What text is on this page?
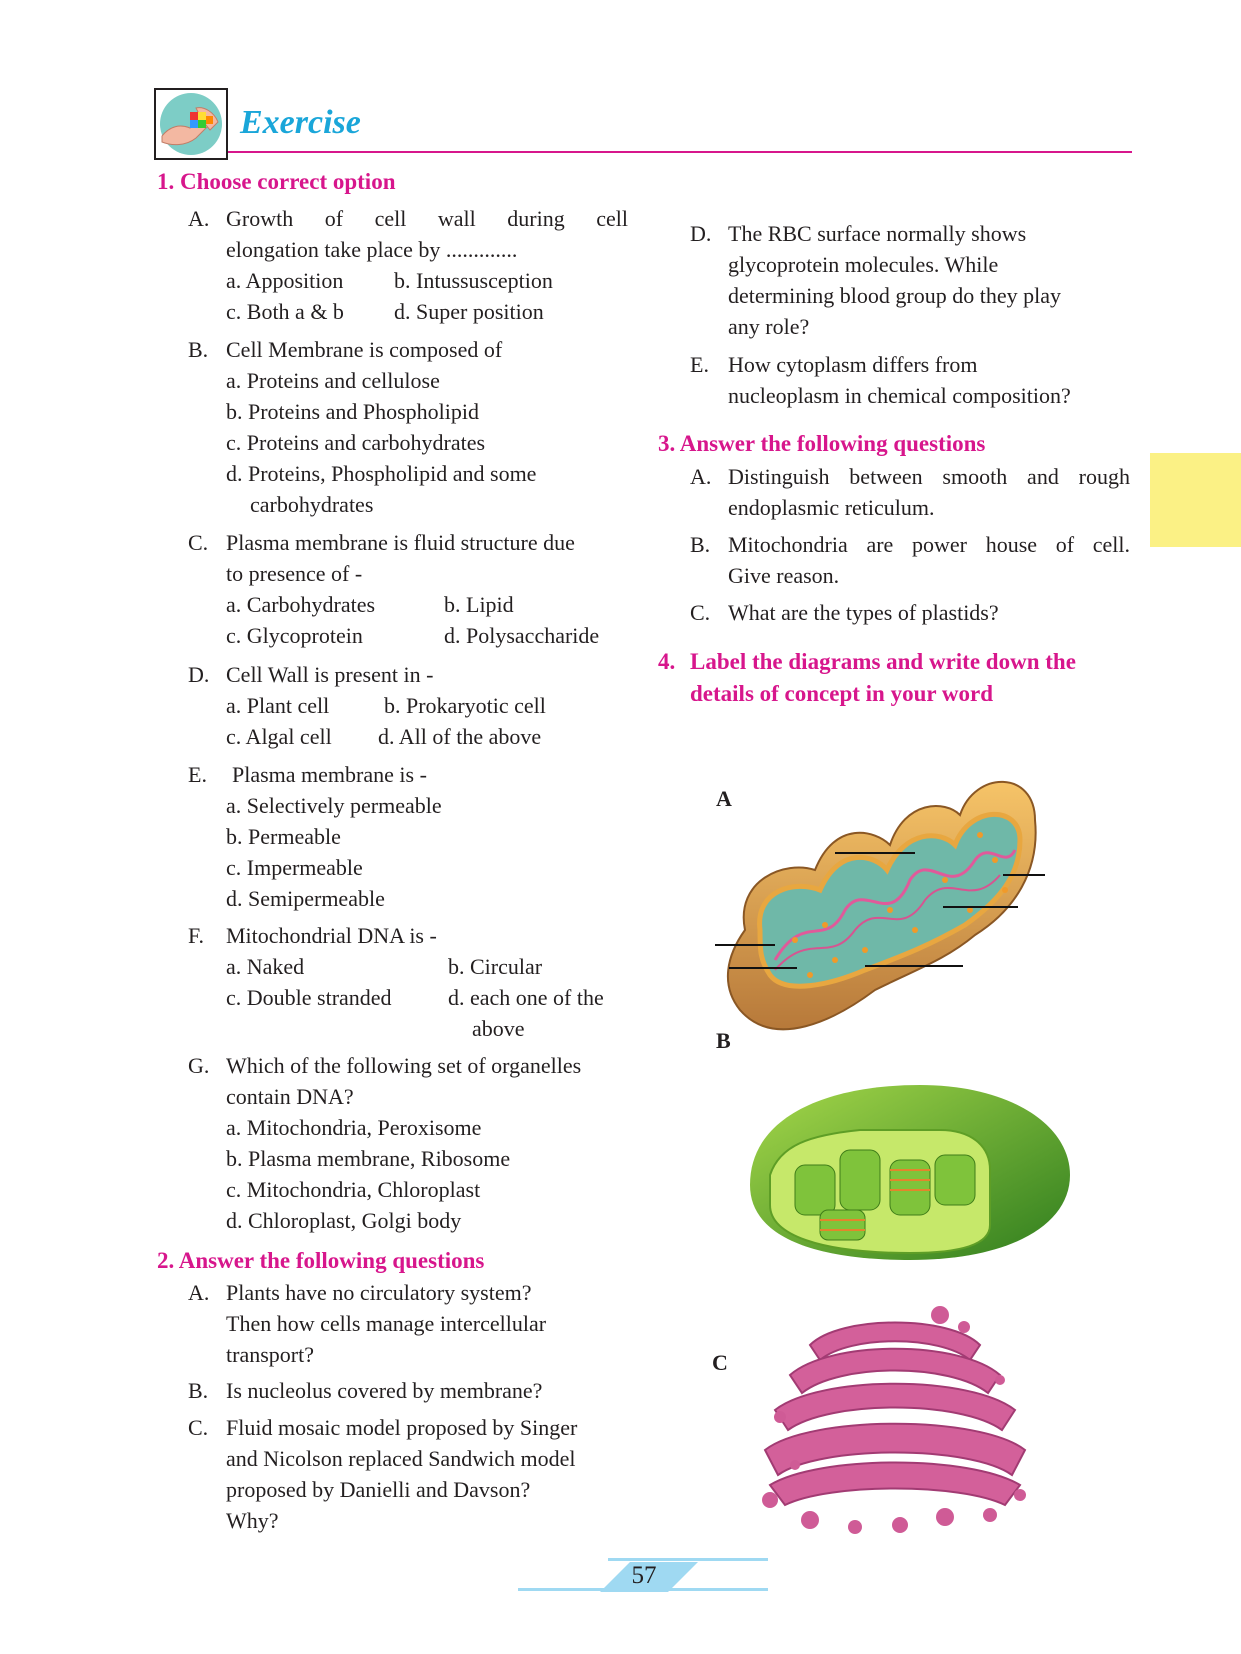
Exercise
1. Choose correct option
A. Growth of cell wall during cell
elongation take place by .............
a. Apposition	b. Intussusception
c. Both a & b	d. Super position
B. Cell Membrane is composed of
a. Proteins and cellulose
b. Proteins and Phospholipid
c. Proteins and carbohydrates
d. Proteins, Phospholipid and some
carbohydrates
C. Plasma membrane is fluid structure due
to presence of -
a. Carbohydrates	b. Lipid
c. Glycoprotein	d. Polysaccharide
D. Cell Wall is present in -
a. Plant cell	b. Prokaryotic cell
c. Algal cell	d. All of the above
E.	Plasma membrane is -
a. Selectively permeable
b. Permeable
c. Impermeable
d. Semipermeable
F.	Mitochondrial DNA is -
a. Naked	b. Circular
c. Double stranded	d. each one of the
above
G. Which of the following set of organelles
contain DNA?
a. Mitochondria, Peroxisome
b. Plasma membrane, Ribosome
c. Mitochondria, Chloroplast
d. Chloroplast, Golgi body
2. Answer the following questions
A. Plants have no circulatory system?
Then how cells manage intercellular
transport?
B. Is nucleolus covered by membrane?
C. Fluid mosaic model proposed by Singer
and Nicolson replaced Sandwich model
proposed by Danielli and Davson?
Why?
D. The RBC surface normally shows
glycoprotein molecules. While
determining blood group do they play
any role?
E. How cytoplasm differs from
nucleoplasm in chemical composition?
3. Answer the following questions
A. Distinguish between smooth and rough
endoplasmic reticulum.
B. Mitochondria are power house of cell.
Give reason.
C. What are the types of plastids?
4. Label the diagrams and write down the
details of concept in your word
A
B
C
57
